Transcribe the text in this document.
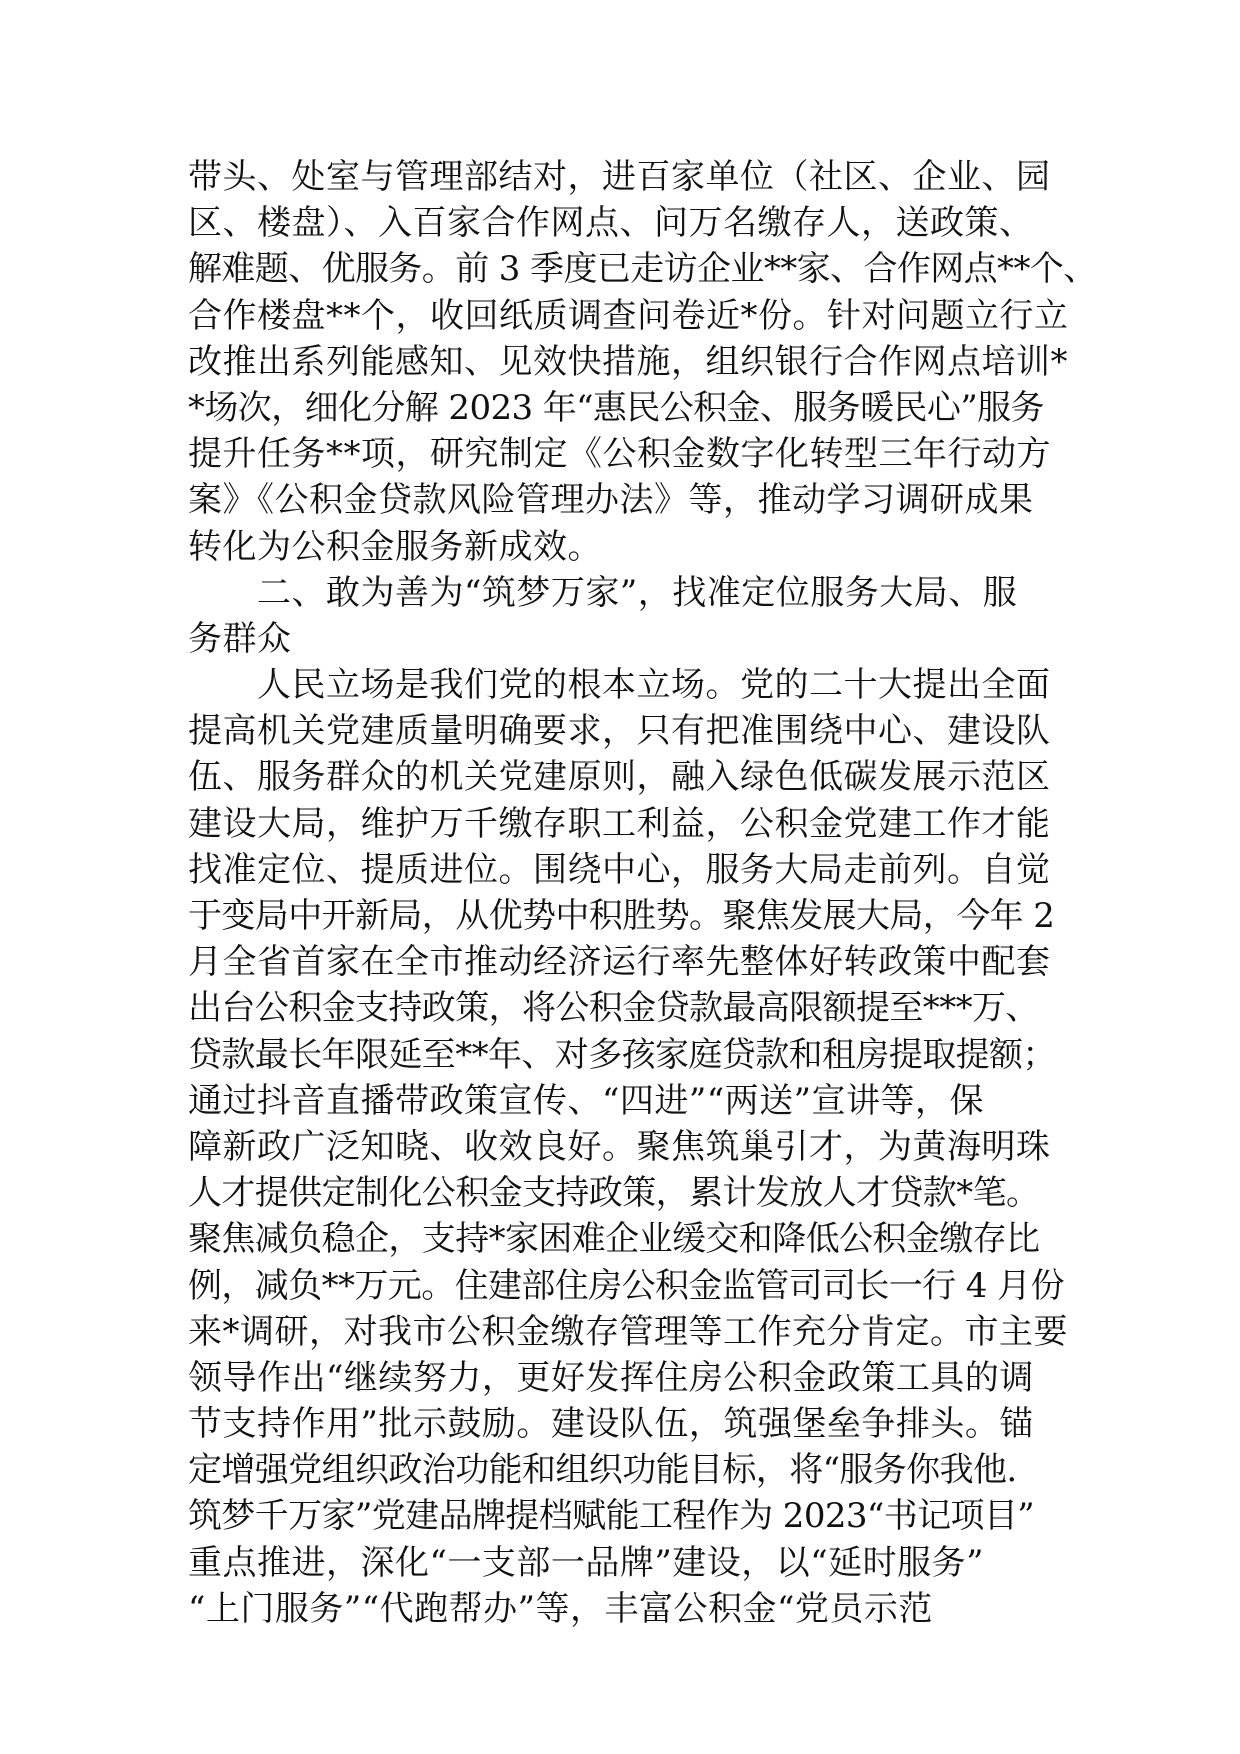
带头、处室与管理部结对，进百家单位（社区、企业、园
区、楼盘）、入百家合作网点、问万名缴存人，送政策、
解难题、优服务。前 3 季度已走访企业**家、合作网点**个、
合作楼盘**个，收回纸质调查问卷近*份。针对问题立行立
改推出系列能感知、见效快措施，组织银行合作网点培训*
*场次，细化分解 2023 年“惠民公积金、服务暖民心”服务
提升任务**项，研究制定《公积金数字化转型三年行动方
案》《公积金贷款风险管理办法》等，推动学习调研成果
转化为公积金服务新成效。
　　二、敢为善为“筑梦万家”，找准定位服务大局、服
务群众
　　人民立场是我们党的根本立场。党的二十大提出全面
提高机关党建质量明确要求，只有把准围绕中心、建设队
伍、服务群众的机关党建原则，融入绿色低碳发展示范区
建设大局，维护万千缴存职工利益，公积金党建工作才能
找准定位、提质进位。围绕中心，服务大局走前列。自觉
于变局中开新局，从优势中积胜势。聚焦发展大局，今年 2
月全省首家在全市推动经济运行率先整体好转政策中配套
出台公积金支持政策，将公积金贷款最高限额提至***万、
贷款最长年限延至**年、对多孩家庭贷款和租房提取提额；
通过抖音直播带政策宣传、“四进”“两送”宣讲等，保
障新政广泛知晓、收效良好。聚焦筑巢引才，为黄海明珠
人才提供定制化公积金支持政策，累计发放人才贷款*笔。
聚焦减负稳企，支持*家困难企业缓交和降低公积金缴存比
例，减负**万元。住建部住房公积金监管司司长一行 4 月份
来*调研，对我市公积金缴存管理等工作充分肯定。市主要
领导作出“继续努力，更好发挥住房公积金政策工具的调
节支持作用”批示鼓励。建设队伍，筑强堡垒争排头。锚
定增强党组织政治功能和组织功能目标，将“服务你我他.
筑梦千万家”党建品牌提档赋能工程作为 2023“书记项目”
重点推进，深化“一支部一品牌”建设，以“延时服务”
“上门服务”“代跑帮办”等，丰富公积金“党员示范
